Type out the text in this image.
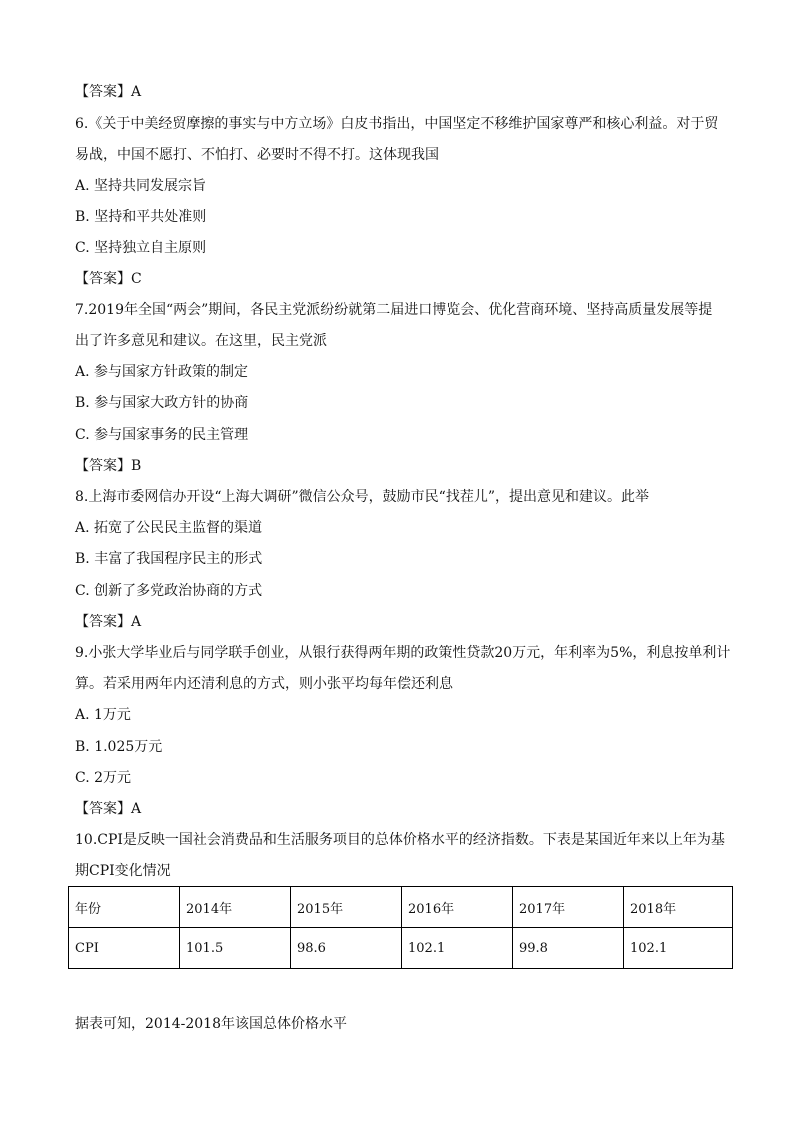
【答案】A
6.《关于中美经贸摩擦的事实与中方立场》白皮书指出，中国坚定不移维护国家尊严和核心利益。对于贸
易战，中国不愿打、不怕打、必要时不得不打。这体现我国
A. 坚持共同发展宗旨
B. 坚持和平共处准则
C. 坚持独立自主原则
【答案】C
7.2019年全国“两会”期间，各民主党派纷纷就第二届进口博览会、优化营商环境、坚持高质量发展等提
出了许多意见和建议。在这里，民主党派
A. 参与国家方针政策的制定
B. 参与国家大政方针的协商
C. 参与国家事务的民主管理
【答案】B
8.上海市委网信办开设“上海大调研”微信公众号，鼓励市民“找茬儿”，提出意见和建议。此举
A. 拓宽了公民民主监督的渠道
B. 丰富了我国程序民主的形式
C. 创新了多党政治协商的方式
【答案】A
9.小张大学毕业后与同学联手创业，从银行获得两年期的政策性贷款20万元，年利率为5%，利息按单利计
算。若采用两年内还清利息的方式，则小张平均每年偿还利息
A. 1万元
B. 1.025万元
C. 2万元
【答案】A
10.CPI是反映一国社会消费品和生活服务项目的总体价格水平的经济指数。下表是某国近年来以上年为基
期CPI变化情况
年份	2014年	2015年	2016年	2017年	2018年
CPI	101.5	98.6	102.1	99.8	102.1
据表可知，2014-2018年该国总体价格水平
